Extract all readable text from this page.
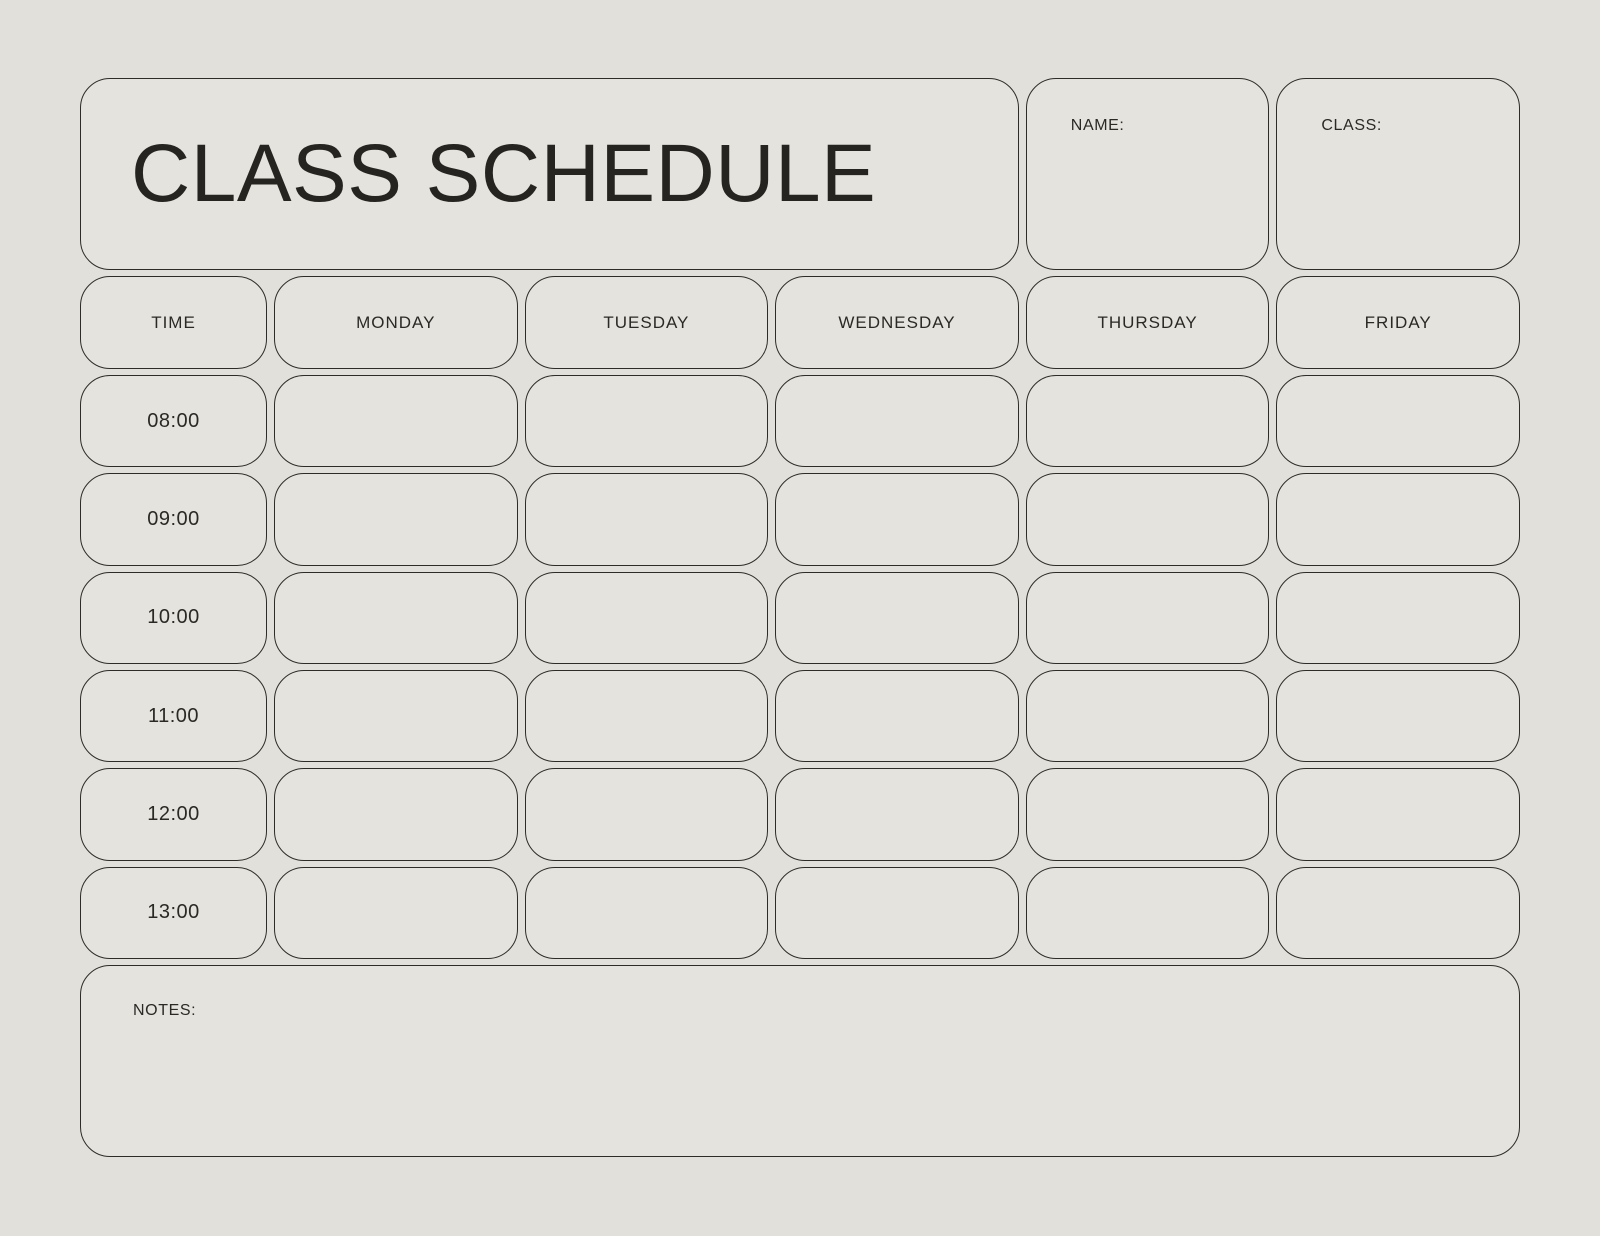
CLASS SCHEDULE
NAME:	CLASS:
TIME	MONDAY	TUESDAY	WEDNESDAY	THURSDAY	FRIDAY
08:00
09:00
10:00
11:00
12:00
13:00
NOTES:
